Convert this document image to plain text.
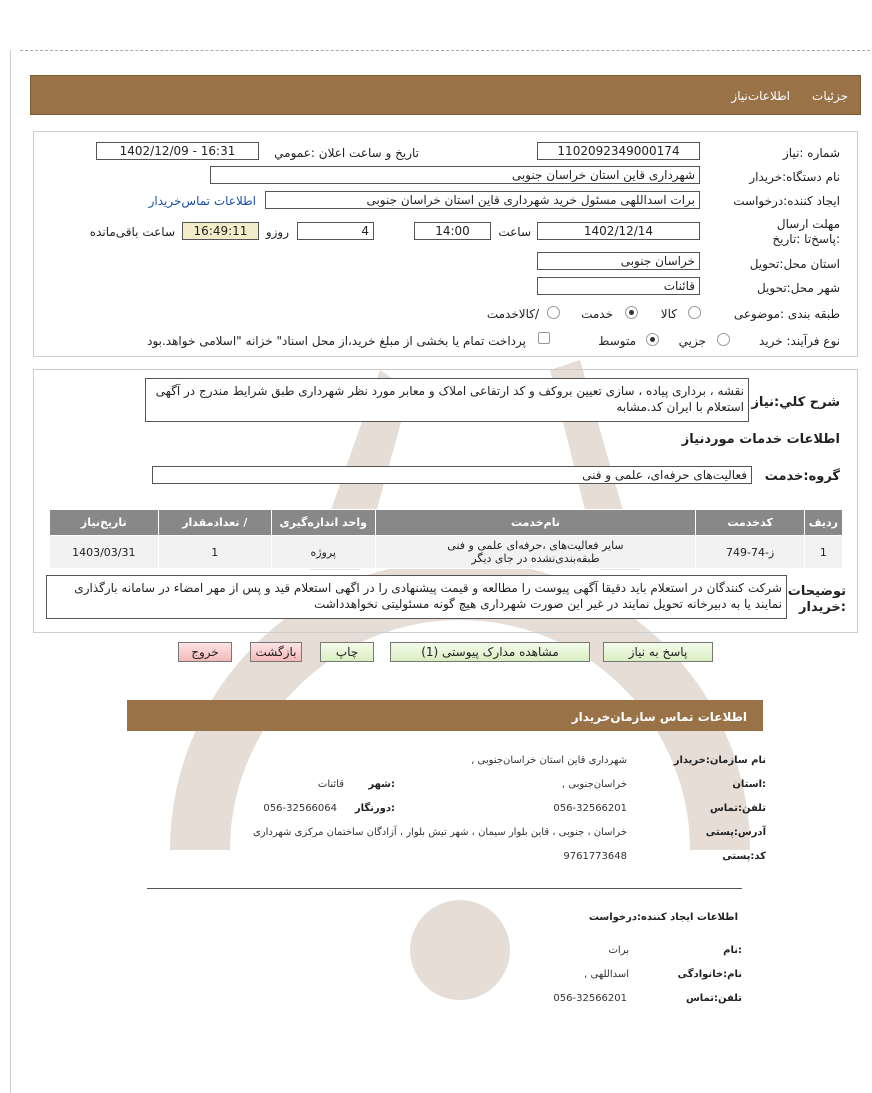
جزئیات
اطلاعات‌نیاز
شماره :نیاز
1102092349000174
تاریخ و ساعت اعلان :عمومي
1402/12/09 - 16:31
نام دستگاه:خریدار
شهرداری قاین استان خراسان جنوبی
ایجاد کننده:درخواست
برات اسداللهی مسئول خرید شهرداری قاین استان خراسان جنوبی
اطلاعات تماس‌خریدار
مهلت ارسال :پاسخ‌تا :تاریخ
1402/12/14
ساعت
14:00
4
روزو
16:49:11
ساعت باقی‌مانده
استان محل:تحویل
خراسان جنوبی
شهر محل:تحویل
قائنات
طبقه بندی :موضوعی
کالا
خدمت
/کالاخدمت
نوع فرآیند: خرید
جزیي
متوسط
پرداخت تمام یا بخشی از مبلغ خرید،از محل اسناد" خزانه "اسلامی خواهد.بود
شرح کلي:نیاز
نقشه ، برداری پیاده ، سازی تعیین بروکف و کد ارتفاعی املاک و معابر مورد نظر شهرداری طبق شرایط مندرج در آگهی استعلام با ایران کد.مشابه
اطلاعات خدمات موردنیاز
گروه:خدمت
فعالیت‌های حرفه‌ای، علمی و فنی
ردیف	کدخدمت	نام‌خدمت	واحد اندازه‌گیری	/ تعدادمقدار	تاریخ‌نیاز
1	ز-74-749	سایر فعالیت‌های ،حرفه‌ای علمی و فنی
طبقه‌بندی‌نشده در جای دیگر	پروژه	1	1403/03/31
توضیحات
:خریدار
شرکت کنندگان در استعلام باید دقیقا آگهی پیوست را مطالعه و قیمت پیشنهادی را در اگهی استعلام قید و پس از مهر امضاء در سامانه بارگذاری نمایند یا به دبیرخانه تحویل نمایند در غیر این صورت شهرداری هیچ گونه مسئولیتی نخواهدداشت
پاسخ به نیاز
مشاهده مدارک پیوستی (1)
چاپ
بازگشت
خروج
اطلاعات تماس سازمان‌خریدار
نام سازمان:خریدار
شهرداری قاین استان خراسان‌جنوبی ,
:استان
خراسان‌جنوبی ,
:شهر
قائنات
تلفن:تماس
056-32566201
:دورنگار
056-32566064
آدرس:پستی
خراسان ، جنوبی ، قاین بلوار سیمان ، شهر تیش بلوار ، آزادگان ساختمان مرکزی شهرداری
کد:پستی
9761773648
اطلاعات ایجاد کننده:درخواست
:نام
برات
نام:خانوادگی
اسداللهی ,
تلفن:تماس
056-32566201
